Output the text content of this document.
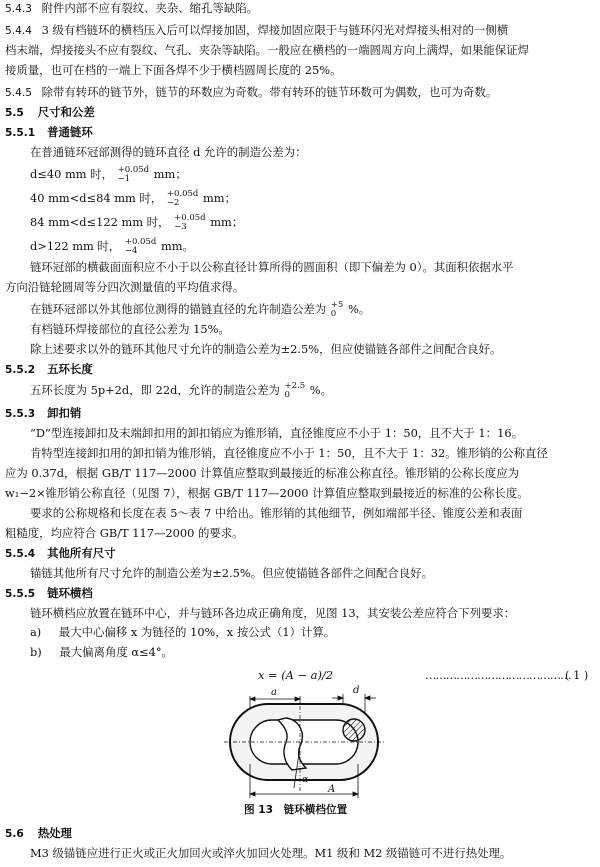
5.4.3 附件内部不应有裂纹、夹杂、缩孔等缺陷。
5.4.4 3 级有档链环的横档压入后可以焊接加固，焊接加固应限于与链环闪光对焊接头相对的一侧横
档末端，焊接接头不应有裂纹、气孔、夹杂等缺陷。一般应在横档的一端圆周方向上满焊，如果能保证焊
接质量，也可在档的一端上下面各焊不少于横档圆周长度的 25%。
5.4.5 除带有转环的链节外，链节的环数应为奇数。带有转环的链节环数可为偶数，也可为奇数。
5.5 尺寸和公差
5.5.1 普通链环
在普通链环冠部测得的链环直径 d 允许的制造公差为：
d≤40 mm 时， +0.05d
−1	mm；
40 mm<d≤84 mm 时， +0.05d
−2	mm；
84 mm<d≤122 mm 时， +0.05d
−3	mm；
d>122 mm 时， +0.05d
−4	mm。
链环冠部的横截面面积应不小于以公称直径计算所得的圆面积（即下偏差为 0）。其面积依据水平
方向沿链轮圆周等分四次测量值的平均值求得。
在链环冠部以外其他部位测得的锚链直径的允许制造公差为 +5
0	%。
有档链环焊接部位的直径公差为 15%。
除上述要求以外的链环其他尺寸允许的制造公差为±2.5%，但应使锚链各部件之间配合良好。
5.5.2 五环长度
五环长度为 5p+2d，即 22d，允许的制造公差为 +2.5
0	%。
5.5.3 卸扣销
“D”型连接卸扣及末端卸扣用的卸扣销应为锥形销，直径锥度应不小于 1：50，且不大于 1：16。
肯特型连接卸扣用的卸扣销为锥形销，直径锥度应不小于 1：50，且不大于 1：32。锥形销的公称直径
应为 0.37d，根据 GB/T 117—2000 计算值应整取到最接近的标准公称直径。锥形销的公称长度应为
w₁−2×锥形销公称直径（见图 7），根据 GB/T 117—2000 计算值应整取到最接近的标准的公称长度。
要求的公称规格和长度在表 5～表 7 中给出。锥形销的其他细节，例如端部半径、锥度公差和表面
粗糙度，均应符合 GB/T 117—2000 的要求。
5.5.4 其他所有尺寸
锚链其他所有尺寸允许的制造公差为±2.5%。但应使锚链各部件之间配合良好。
5.5.5 链环横档
链环横档应放置在链环中心，并与链环各边成正确角度，见图 13，其安装公差应符合下列要求：
a) 最大中心偏移 x 为链径的 10%，x 按公式（1）计算。
b) 最大偏离角度 α≤4°。
x = (A − a)/2	……………………………………
( 1 )
a	d
α
A
图 13　链环横档位置
5.6 热处理
M3 级锚链应进行正火或正火加回火或淬火加回火处理。M1 级和 M2 级锚链可不进行热处理。
